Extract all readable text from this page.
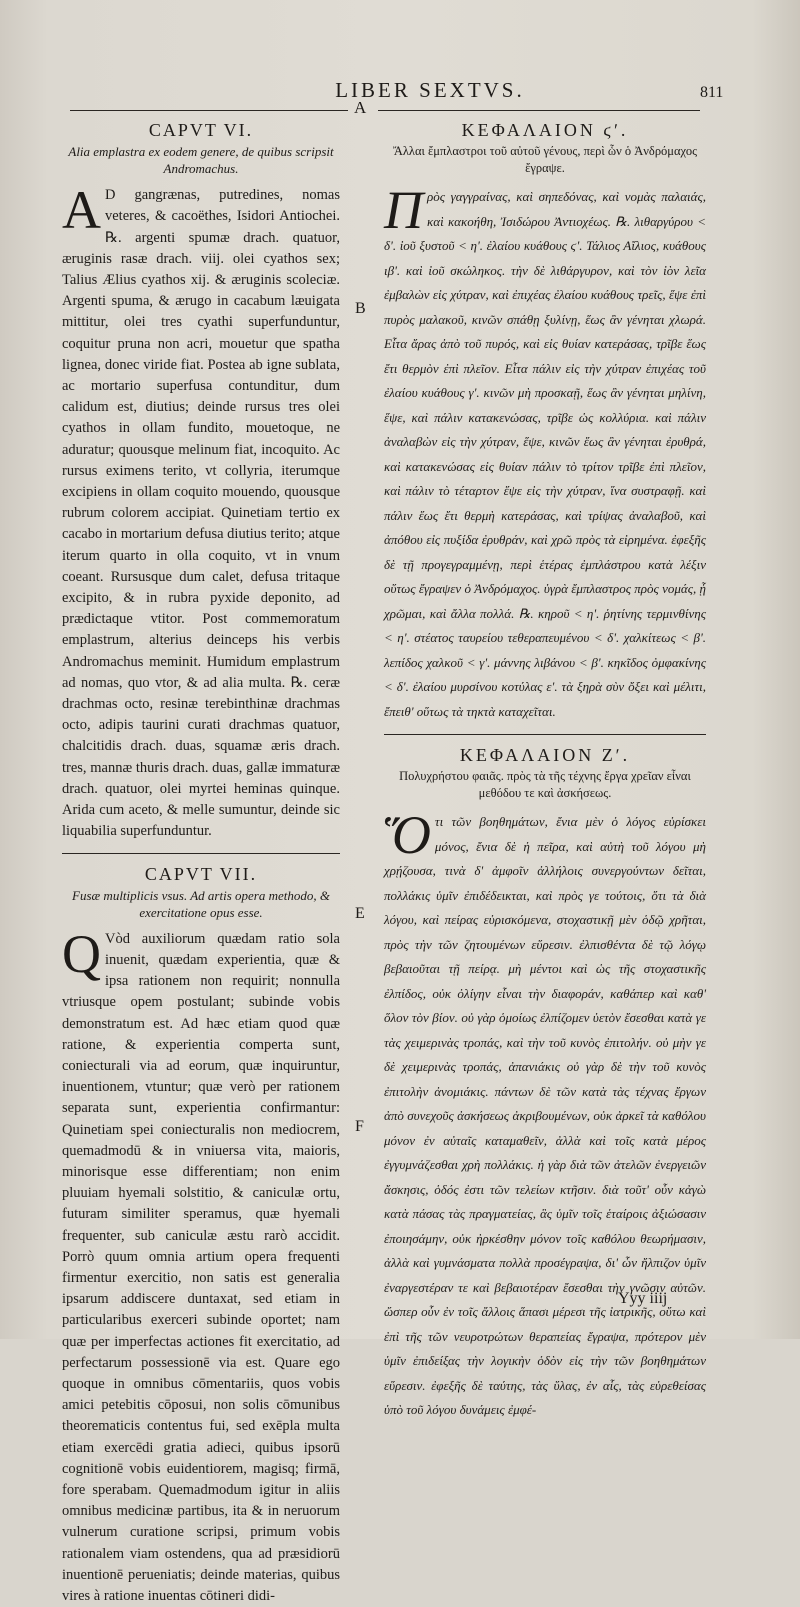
LIBER SEXTVS.	811
A
B
E
F
CAPVT VI.
Alia emplastra ex eodem genere, de quibus scripsit Andromachus.
AD gangrænas, putredines, nomas veteres, & cacoëthes, Isidori Antiochei. ℞. argenti spumæ drach. quatuor, æruginis rasæ drach. viij. olei cyathos sex; Talius Ælius cyathos xij. & æruginis scoleciæ. Argenti spuma, & ærugo in cacabum læuigata mittitur, olei tres cyathi superfunduntur, coquitur pruna non acri, mouetur que spatha lignea, donec viride fiat. Postea ab igne sublata, ac mortario superfusa contunditur, dum calidum est, diutius; deinde rursus tres olei cyathos in ollam fundito, mouetoque, ne aduratur; quousque melinum fiat, incoquito. Ac rursus eximens terito, vt collyria, iterumque excipiens in ollam coquito mouendo, quousque rubrum colorem accipiat. Quinetiam tertio ex cacabo in mortarium defusa diutius terito; atque iterum quarto in olla coquito, vt in vnum coeant. Rursusque dum calet, defusa tritaque excipito, & in rubra pyxide deponito, ad prædictaque vtitor. Post commemoratum emplastrum, alterius deinceps his verbis Andromachus meminit. Humidum emplastrum ad nomas, quo vtor, & ad alia multa. ℞. ceræ drachmas octo, resinæ terebinthinæ drachmas octo, adipis taurini curati drachmas quatuor, chalcitidis drach. duas, squamæ æris drach. tres, mannæ thuris drach. duas, gallæ immaturæ drach. quatuor, olei myrtei heminas quinque. Arida cum aceto, & melle sumuntur, deinde sic liquabilia superfunduntur.
CAPVT VII.
Fusæ multiplicis vsus. Ad artis opera methodo, & exercitatione opus esse.
QVòd auxiliorum quædam ratio sola inuenit, quædam experientia, quæ & ipsa rationem non requirit; nonnulla vtriusque opem postulant; subinde vobis demonstratum est. Ad hæc etiam quod quæ ratione, & experientia comperta sunt, coniecturali via ad eorum, quæ inquiruntur, inuentionem, vtuntur; quæ verò per rationem separata sunt, experientia confirmantur: Quinetiam spei coniecturalis non mediocrem, quemadmodū & in vniuersa vita, maioris, minorisque esse differentiam; non enim pluuiam hyemali solstitio, & caniculæ ortu, futuram similiter speramus, quæ hyemali frequenter, sub caniculæ æstu rarò accidit. Porrò quum omnia artium opera frequenti firmentur exercitio, non satis est generalia ipsarum addiscere duntaxat, sed etiam in particularibus exerceri subinde oportet; nam quæ per imperfectas actiones fit exercitatio, ad perfectarum possessionē via est. Quare ego quoque in omnibus cōmentariis, quos vobis amici petebitis cōposui, non solis cōmunibus theorematicis contentus fui, sed exēpla multa etiam exercēdi gratia adieci, quibus ipsorū cognitionē vobis euidentiorem, magisq; firmā, fore sperabam. Quemadmodum igitur in aliis omnibus medicinæ partibus, ita & in neruorum vulnerum curatione scripsi, primum vobis rationalem viam ostendens, qua ad præsidiorū inuentionē perueniatis; deinde materias, quibus vires à ratione inuentas cōtineri didi-
ΚΕΦΑΛΑΙΟΝ ϛʹ.
Ἄλλαι ἔμπλαστροι τοῦ αὐτοῦ γένους, περὶ ὧν ὁ Ἀνδρόμαχος ἔγραψε.
Πρὸς γαγγραίνας, καὶ σηπεδόνας, καὶ νομὰς παλαιάς, καὶ κακοήθη, Ἰσιδώρου Ἀντιοχέως. ℞. λιθαργύρου < δʹ. ἰοῦ ξυστοῦ < ηʹ. ἐλαίου κυάθους ϛʹ. Τάλιος Αἴλιος, κυάθους ιβʹ. καὶ ἰοῦ σκώληκος. τὴν δὲ λιθάργυρον, καὶ τὸν ἰὸν λεῖα ἐμβαλὼν εἰς χύτραν, καὶ ἐπιχέας ἐλαίου κυάθους τρεῖς, ἕψε ἐπὶ πυρὸς μαλακοῦ, κινῶν σπάθῃ ξυλίνῃ, ἕως ἂν γένηται χλωρά. Εἶτα ἄρας ἀπὸ τοῦ πυρός, καὶ εἰς θυίαν κατεράσας, τρῖβε ἕως ἔτι θερμὸν ἐπὶ πλεῖον. Εἶτα πάλιν εἰς τὴν χύτραν ἐπιχέας τοῦ ἐλαίου κυάθους γʹ. κινῶν μὴ προσκαῇ, ἕως ἂν γένηται μηλίνη, ἕψε, καὶ πάλιν κατακενώσας, τρῖβε ὡς κολλύρια. καὶ πάλιν ἀναλαβὼν εἰς τὴν χύτραν, ἕψε, κινῶν ἕως ἂν γένηται ἐρυθρά, καὶ κατακενώσας εἰς θυίαν πάλιν τὸ τρίτον τρῖβε ἐπὶ πλεῖον, καὶ πάλιν τὸ τέταρτον ἕψε εἰς τὴν χύτραν, ἵνα συστραφῇ. καὶ πάλιν ἕως ἔτι θερμὴ κατεράσας, καὶ τρίψας ἀναλαβοῦ, καὶ ἀπόθου εἰς πυξίδα ἐρυθράν, καὶ χρῶ πρὸς τὰ εἰρημένα. ἐφεξῆς δὲ τῇ προγεγραμμένῃ, περὶ ἑτέρας ἐμπλάστρου κατὰ λέξιν οὕτως ἔγραψεν ὁ Ἀνδρόμαχος. ὑγρὰ ἔμπλαστρος πρὸς νομάς, ᾗ χρῶμαι, καὶ ἄλλα πολλά. ℞. κηροῦ < ηʹ. ῥητίνης τερμινθίνης < ηʹ. στέατος ταυρείου τεθεραπευμένου < δʹ. χαλκίτεως < βʹ. λεπίδος χαλκοῦ < γʹ. μάννης λιβάνου < βʹ. κηκῖδος ὀμφακίνης < δʹ. ἐλαίου μυρσίνου κοτύλας εʹ. τὰ ξηρὰ σὺν ὄξει καὶ μέλιτι, ἔπειθ' οὕτως τὰ τηκτὰ καταχεῖται.
ΚΕΦΑΛΑΙΟΝ Ζʹ.
Πολυχρήστου φαιᾶς. πρὸς τὰ τῆς τέχνης ἔργα χρεῖαν εἶναι μεθόδου τε καὶ ἀσκήσεως.
Ὅτι τῶν βοηθημάτων, ἔνια μὲν ὁ λόγος εὑρίσκει μόνος, ἔνια δὲ ἡ πεῖρα, καὶ αὐτὴ τοῦ λόγου μὴ χρῄζουσα, τινὰ δ' ἀμφοῖν ἀλλήλοις συνεργούντων δεῖται, πολλάκις ὑμῖν ἐπιδέδεικται, καὶ πρὸς γε τούτοις, ὅτι τὰ διὰ λόγου, καὶ πείρας εὑρισκόμενα, στοχαστικῇ μὲν ὁδῷ χρῆται, πρὸς τὴν τῶν ζητουμένων εὕρεσιν. ἐλπισθέντα δὲ τῷ λόγῳ βεβαιοῦται τῇ πείρᾳ. μὴ μέντοι καὶ ὡς τῆς στοχαστικῆς ἐλπίδος, οὐκ ὀλίγην εἶναι τὴν διαφοράν, καθάπερ καὶ καθ' ὅλον τὸν βίον. οὐ γὰρ ὁμοίως ἐλπίζομεν ὑετὸν ἔσεσθαι κατὰ γε τὰς χειμερινὰς τροπάς, καὶ τὴν τοῦ κυνὸς ἐπιτολήν. οὐ μὴν γε δὲ χειμερινὰς τροπάς, ἀπανιάκις οὐ γὰρ δὲ τὴν τοῦ κυνὸς ἐπιτολὴν ἀνομιάκις. πάντων δὲ τῶν κατὰ τὰς τέχνας ἔργων ἀπὸ συνεχοῦς ἀσκήσεως ἀκριβουμένων, οὐκ ἀρκεῖ τὰ καθόλου μόνον ἐν αὐταῖς καταμαθεῖν, ἀλλὰ καὶ τοῖς κατὰ μέρος ἐγγυμνάζεσθαι χρὴ πολλάκις. ἡ γὰρ διὰ τῶν ἀτελῶν ἐνεργειῶν ἄσκησις, ὁδός ἐστι τῶν τελείων κτῆσιν. διὰ τοῦτ' οὖν κἀγὼ κατὰ πάσας τὰς πραγματείας, ἃς ὑμῖν τοῖς ἑταίροις ἀξιώσασιν ἐποιησάμην, οὐκ ἠρκέσθην μόνον τοῖς καθόλου θεωρήμασιν, ἀλλὰ καὶ γυμνάσματα πολλὰ προσέγραψα, δι' ὧν ἤλπιζον ὑμῖν ἐναργεστέραν τε καὶ βεβαιοτέραν ἔσεσθαι τὴν γνῶσιν αὐτῶν. ὥσπερ οὖν ἐν τοῖς ἄλλοις ἅπασι μέρεσι τῆς ἰατρικῆς, οὕτω καὶ ἐπὶ τῆς τῶν νευροτρώτων θεραπείας ἔγραψα, πρότερον μὲν ὑμῖν ἐπιδείξας τὴν λογικὴν ὁδὸν εἰς τὴν τῶν βοηθημάτων εὕρεσιν. ἐφεξῆς δὲ ταύτης, τὰς ὕλας, ἐν αἷς, τὰς εὑρεθείσας ὑπὸ τοῦ λόγου δυνάμεις ἐμφέ-
Yyy iiij
